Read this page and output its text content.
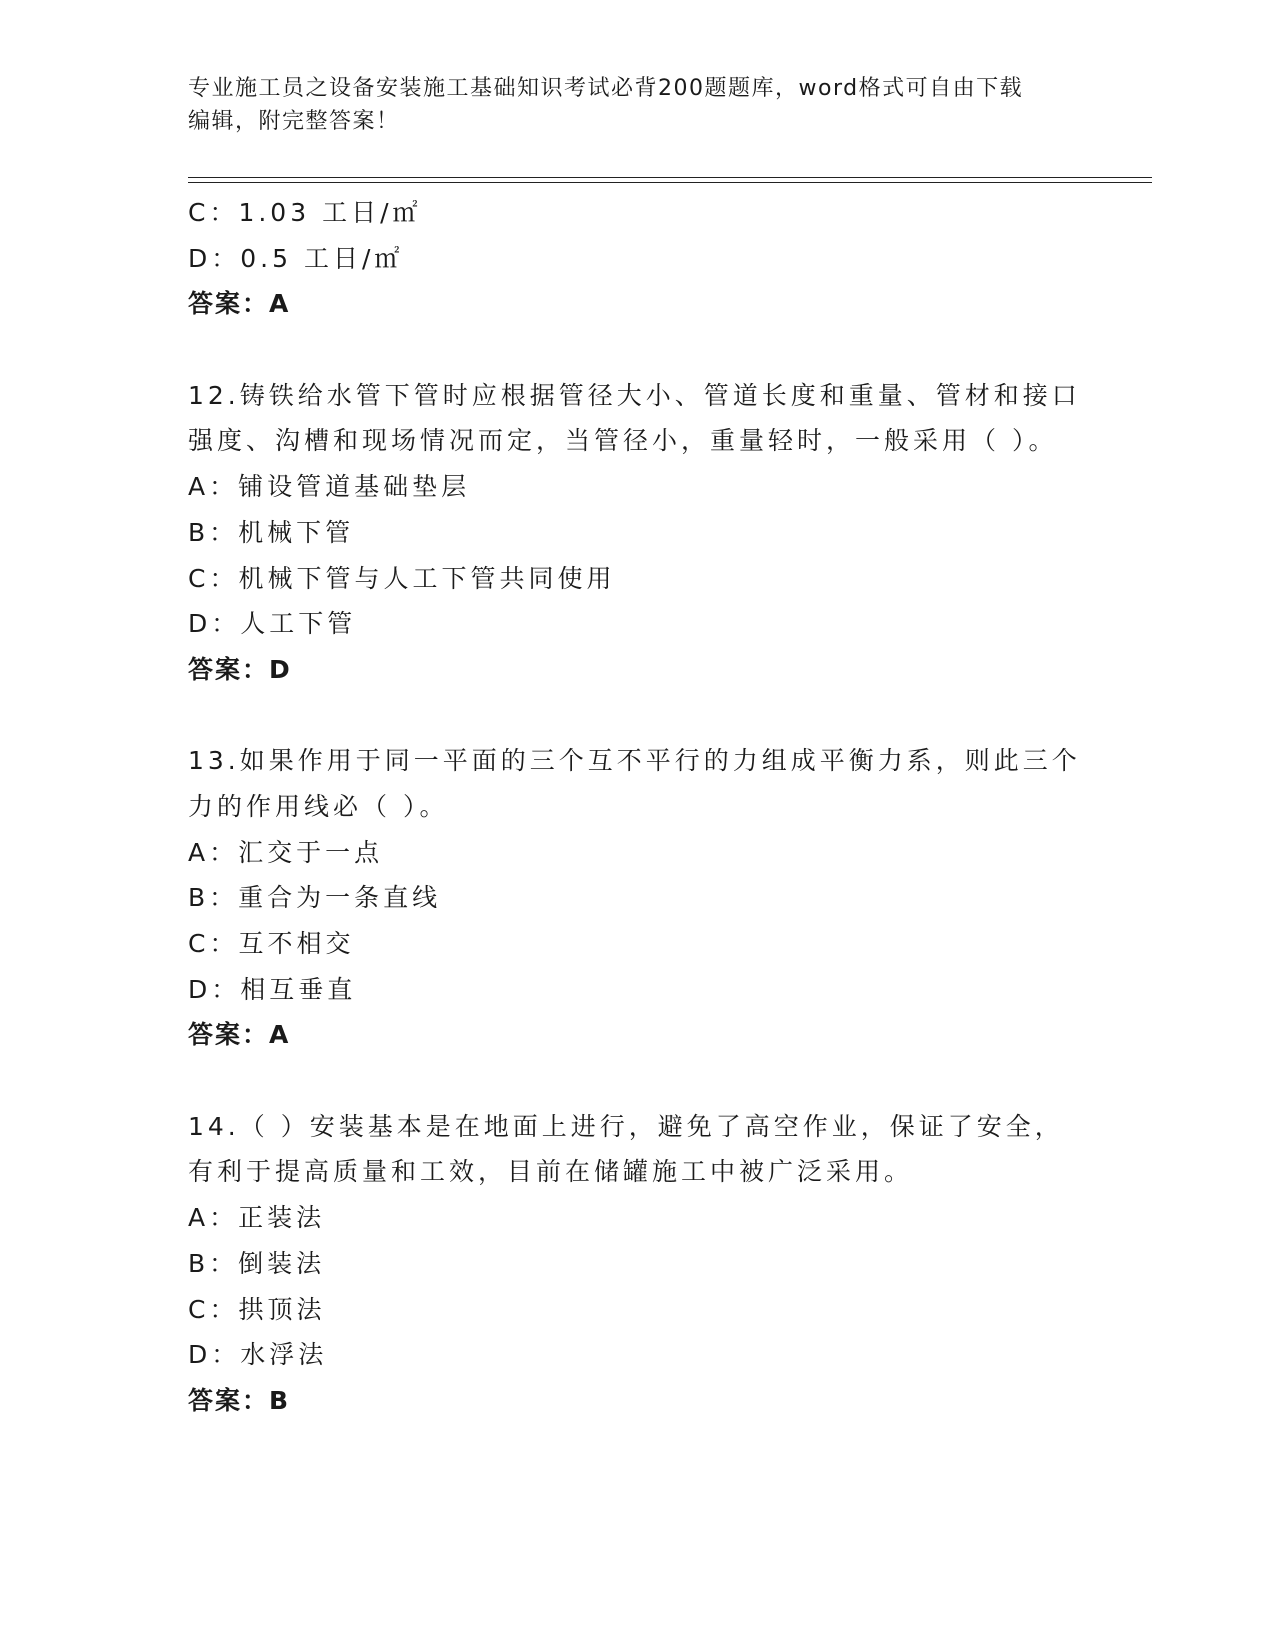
专业施工员之设备安装施工基础知识考试必背200题题库，word格式可自由下载
编辑，附完整答案！
C：1.03 工日/㎡
D：0.5 工日/㎡
答案：A
12.铸铁给水管下管时应根据管径大小、管道长度和重量、管材和接口
强度、沟槽和现场情况而定，当管径小，重量轻时，一般采用（ ）。
A：铺设管道基础垫层
B：机械下管
C：机械下管与人工下管共同使用
D：人工下管
答案：D
13.如果作用于同一平面的三个互不平行的力组成平衡力系，则此三个
力的作用线必（ ）。
A：汇交于一点
B：重合为一条直线
C：互不相交
D：相互垂直
答案：A
14.（ ）安装基本是在地面上进行，避免了高空作业，保证了安全，
有利于提高质量和工效，目前在储罐施工中被广泛采用。
A：正装法
B：倒装法
C：拱顶法
D：水浮法
答案：B
